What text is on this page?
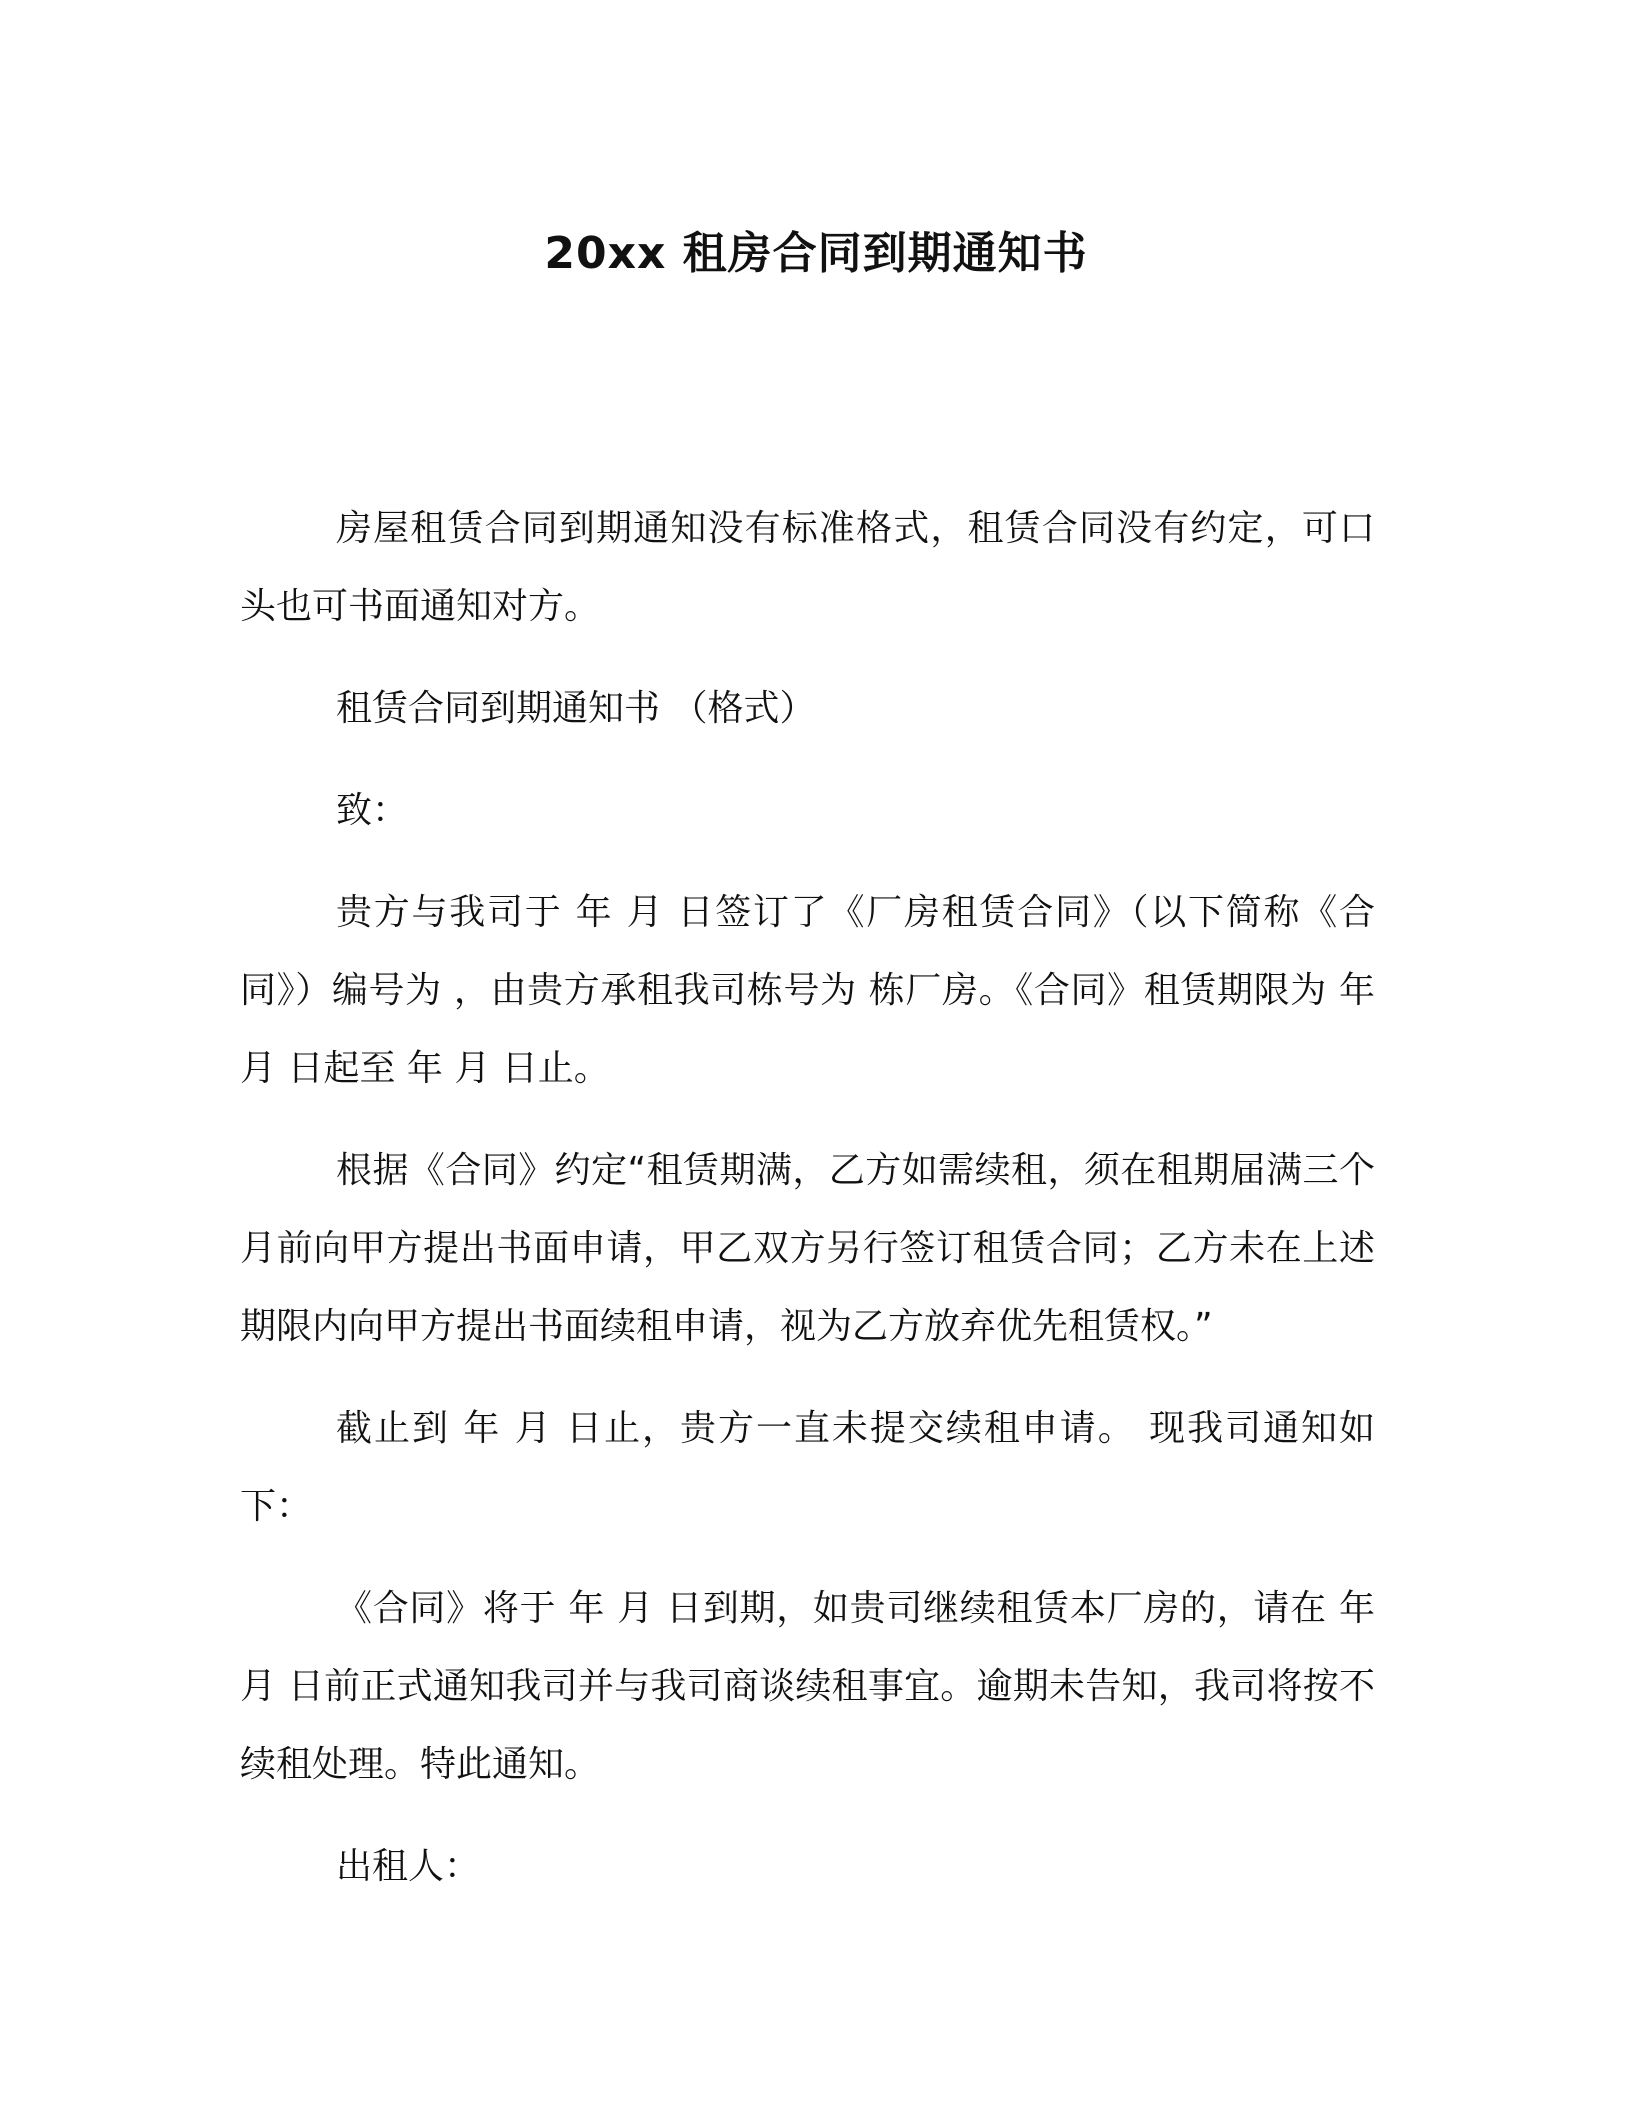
20xx 租房合同到期通知书

房屋租赁合同到期通知没有标准格式，租赁合同没有约定，可口头也可书面通知对方。

租赁合同到期通知书 （格式）

致：

贵方与我司于 年 月 日签订了《厂房租赁合同》（以下简称《合同》）编号为 ，由贵方承租我司栋号为 栋厂房。《合同》租赁期限为 年 月 日起至 年 月 日止。

根据《合同》约定“租赁期满，乙方如需续租，须在租期届满三个月前向甲方提出书面申请，甲乙双方另行签订租赁合同；乙方未在上述期限内向甲方提出书面续租申请，视为乙方放弃优先租赁权。”

截止到 年 月 日止，贵方一直未提交续租申请。 现我司通知如下：

《合同》将于 年 月 日到期，如贵司继续租赁本厂房的，请在 年 月 日前正式通知我司并与我司商谈续租事宜。逾期未告知，我司将按不续租处理。特此通知。

出租人：
